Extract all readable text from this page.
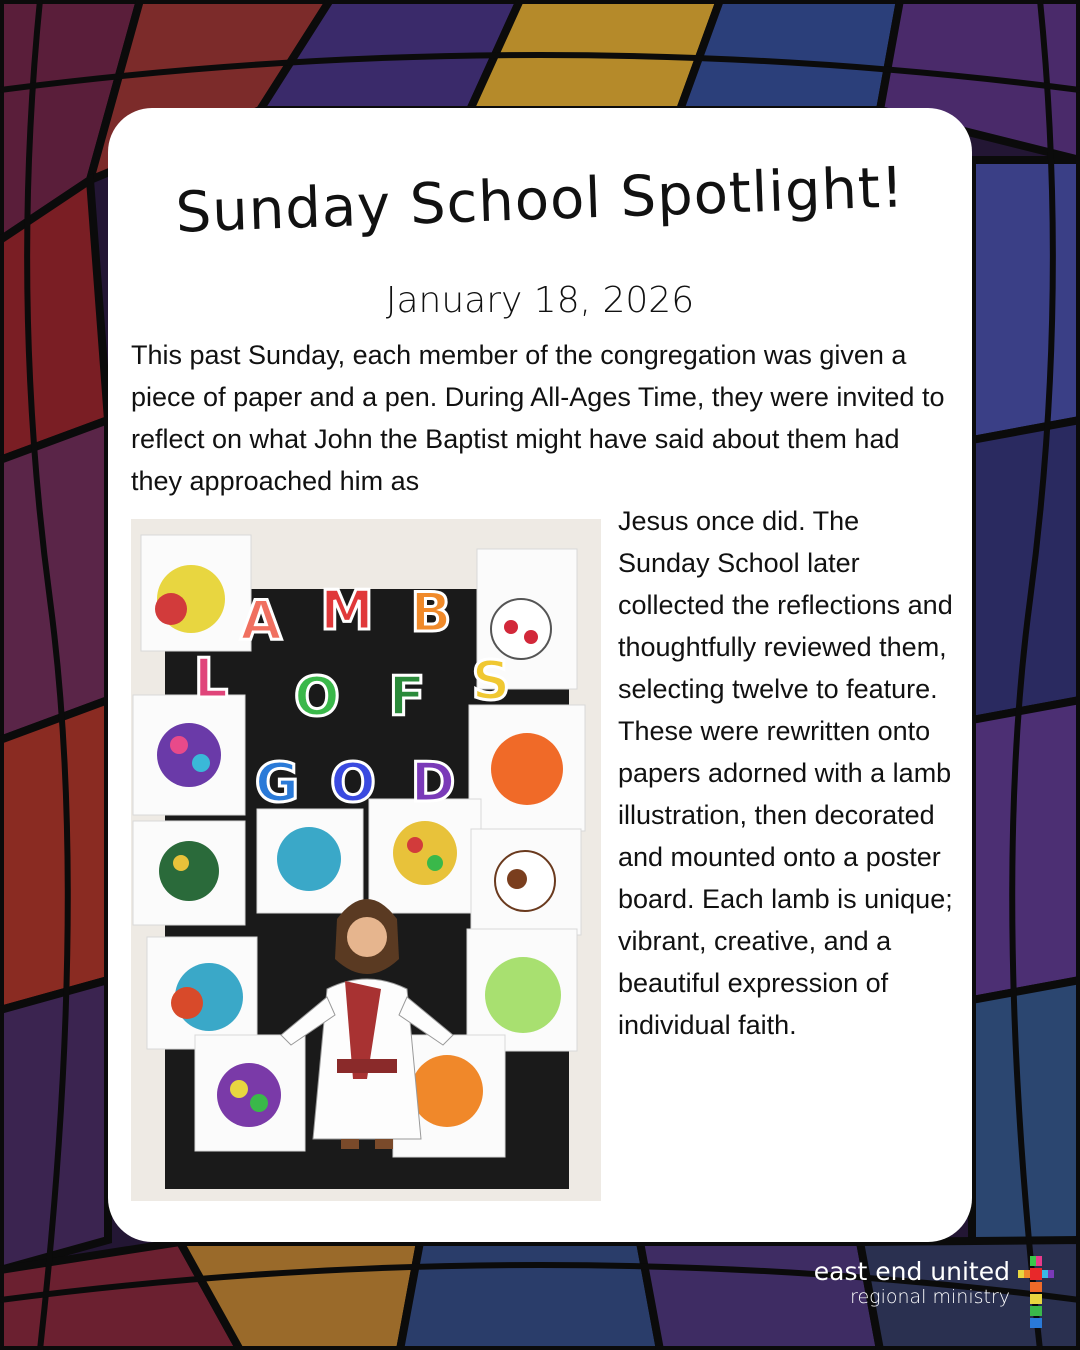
Sunday School Spotlight!
January 18, 2026
This past Sunday, each member of the congregation was given a piece of paper and a pen. During All-Ages Time, they were invited to reflect on what John the Baptist might have said about them had they approached him as
L
A M B
S
O F
G O D
Jesus once did. The Sunday School later collected the reflections and thoughtfully reviewed them, selecting twelve to feature. These were rewritten onto papers adorned with a lamb illustration, then decorated and mounted onto a poster board. Each lamb is unique; vibrant, creative, and a beautiful expression of individual faith.
east end united
regional ministry
